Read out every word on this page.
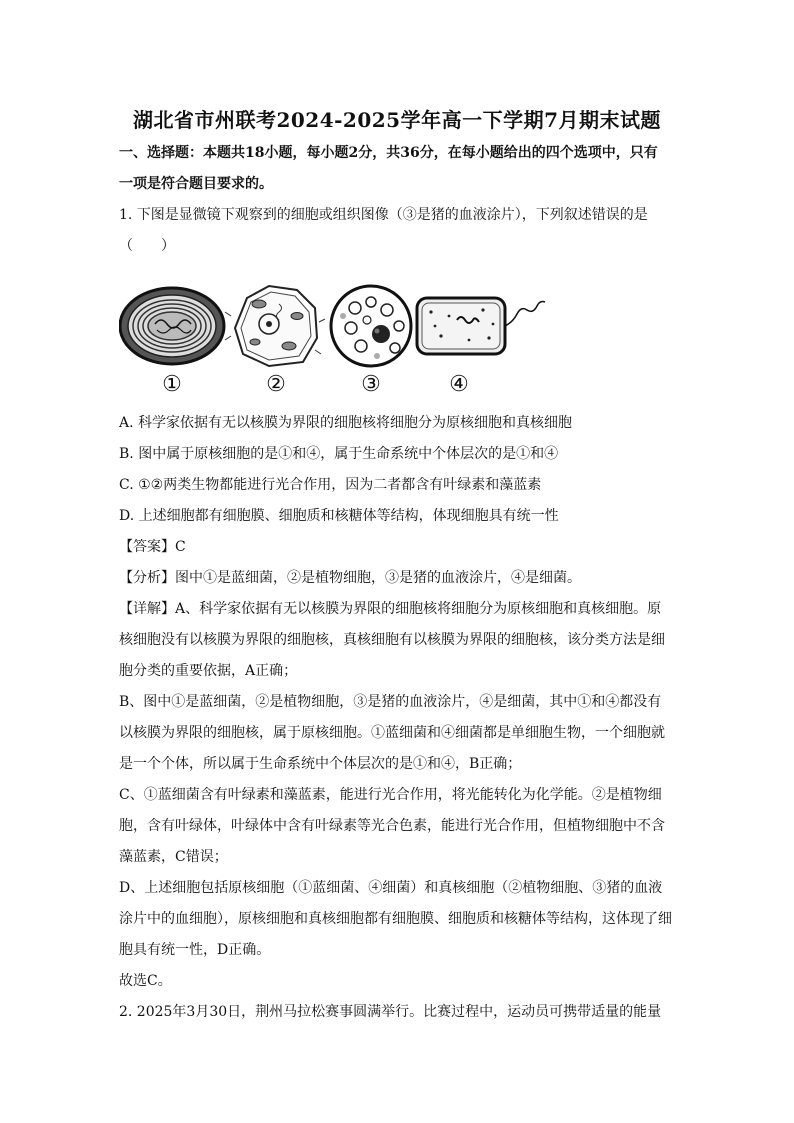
湖北省市州联考2024-2025学年高一下学期7月期末试题
一、选择题：本题共18小题，每小题2分，共36分，在每小题给出的四个选项中，只有
一项是符合题目要求的。
1. 下图是显微镜下观察到的细胞或组织图像（③是猪的血液涂片），下列叙述错误的是
（　　）
①	②	③	④
A. 科学家依据有无以核膜为界限的细胞核将细胞分为原核细胞和真核细胞
B. 图中属于原核细胞的是①和④，属于生命系统中个体层次的是①和④
C. ①②两类生物都能进行光合作用，因为二者都含有叶绿素和藻蓝素
D. 上述细胞都有细胞膜、细胞质和核糖体等结构，体现细胞具有统一性
【答案】C
【分析】图中①是蓝细菌，②是植物细胞，③是猪的血液涂片，④是细菌。
【详解】A、科学家依据有无以核膜为界限的细胞核将细胞分为原核细胞和真核细胞。原
核细胞没有以核膜为界限的细胞核，真核细胞有以核膜为界限的细胞核，该分类方法是细
胞分类的重要依据，A正确；
B、图中①是蓝细菌，②是植物细胞，③是猪的血液涂片，④是细菌，其中①和④都没有
以核膜为界限的细胞核，属于原核细胞。①蓝细菌和④细菌都是单细胞生物，一个细胞就
是一个个体，所以属于生命系统中个体层次的是①和④，B正确；
C、①蓝细菌含有叶绿素和藻蓝素，能进行光合作用，将光能转化为化学能。②是植物细
胞，含有叶绿体，叶绿体中含有叶绿素等光合色素，能进行光合作用，但植物细胞中不含
藻蓝素，C错误；
D、上述细胞包括原核细胞（①蓝细菌、④细菌）和真核细胞（②植物细胞、③猪的血液
涂片中的血细胞），原核细胞和真核细胞都有细胞膜、细胞质和核糖体等结构，这体现了细
胞具有统一性，D正确。
故选C。
2. 2025年3月30日，荆州马拉松赛事圆满举行。比赛过程中，运动员可携带适量的能量
